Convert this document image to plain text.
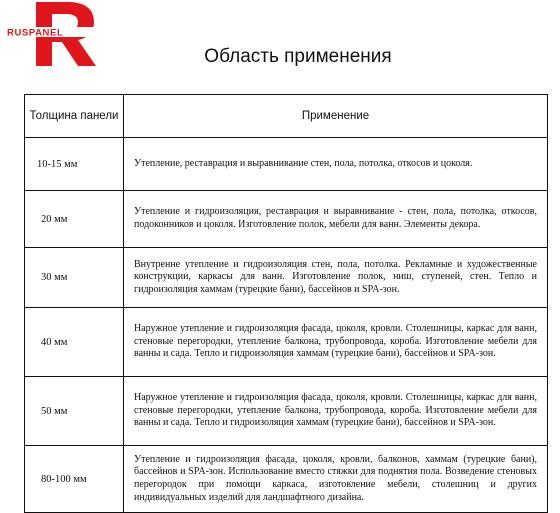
RUSPANEL
Область применения
Толщина панели	Применение
10-15 мм	Утепление, реставрация и выравнивание стен, пола, потолка, откосов и цоколя.
20 мм	Утепление и гидроизоляция, реставрация и выравнивание - стен, пола, потолка, откосов, подоконников и цоколя. Изготовление полок, мебели для ванн. Элементы декора.
30 мм	Внутренне утепление и гидроизоляция стен, пола, потолка. Рекламные и художественные конструкции, каркасы для ванн. Изготовление полок, ниш, ступеней, стен. Тепло и гидроизоляция хаммам (турецкие бани), бассейнов и SPA-зон.
40 мм	Наружное утепление и гидроизоляция фасада, цоколя, кровли. Столешницы, каркас для ванн, стеновые перегородки, утепление балкона, трубопровода, короба. Изготовление мебели для ванны и сада. Тепло и гидроизоляция хаммам (турецкие бани), бассейнов и SPA-зон.
50 мм	Наружное утепление и гидроизоляция фасада, цоколя, кровли. Столешницы, каркас для ванн, стеновые перегородки, утепление балкона, трубопровода, короба. Изготовление мебели для ванны и сада. Тепло и гидроизоляция хаммам (турецкие бани), бассейнов и SPA-зон.
80-100 мм	Утепление и гидроизоляция фасада, цоколя, кровли, балконов, хаммам (турецкие бани), бассейнов и SPA-зон. Использование вместо стяжки для поднятия пола. Возведение стеновых перегородок при помощи каркаса, изготовление мебели, столешниц и других индивидуальных изделий для ландшафтного дизайна.
